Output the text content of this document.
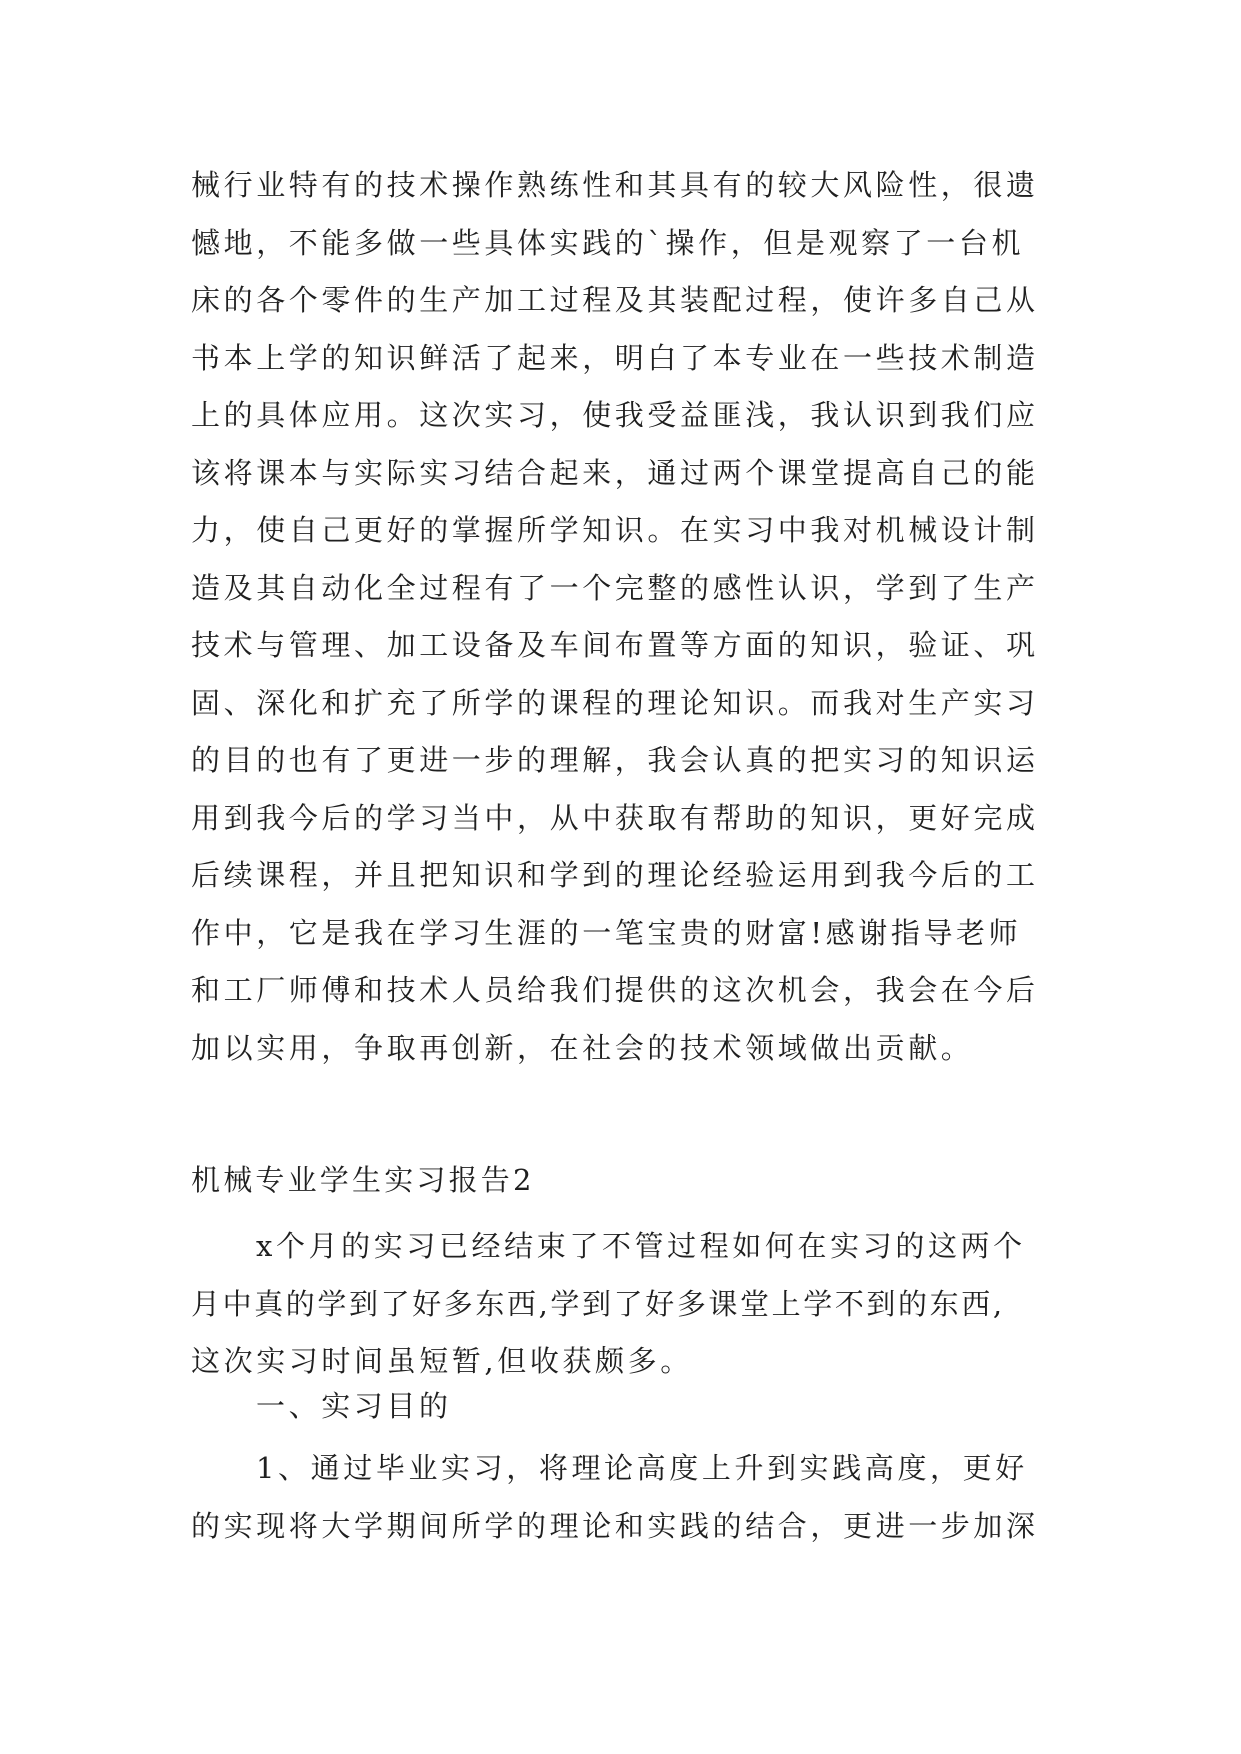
械行业特有的技术操作熟练性和其具有的较大风险性，很遗
憾地，不能多做一些具体实践的`操作，但是观察了一台机
床的各个零件的生产加工过程及其装配过程，使许多自己从
书本上学的知识鲜活了起来，明白了本专业在一些技术制造
上的具体应用。这次实习，使我受益匪浅，我认识到我们应
该将课本与实际实习结合起来，通过两个课堂提高自己的能
力，使自己更好的掌握所学知识。在实习中我对机械设计制
造及其自动化全过程有了一个完整的感性认识，学到了生产
技术与管理、加工设备及车间布置等方面的知识，验证、巩
固、深化和扩充了所学的课程的理论知识。而我对生产实习
的目的也有了更进一步的理解，我会认真的把实习的知识运
用到我今后的学习当中，从中获取有帮助的知识，更好完成
后续课程，并且把知识和学到的理论经验运用到我今后的工
作中，它是我在学习生涯的一笔宝贵的财富!感谢指导老师
和工厂师傅和技术人员给我们提供的这次机会，我会在今后
加以实用，争取再创新，在社会的技术领域做出贡献。
机械专业学生实习报告2
x个月的实习已经结束了不管过程如何在实习的这两个
月中真的学到了好多东西,学到了好多课堂上学不到的东西,
这次实习时间虽短暂,但收获颇多。
一、实习目的
1、通过毕业实习，将理论高度上升到实践高度，更好
的实现将大学期间所学的理论和实践的结合，更进一步加深
